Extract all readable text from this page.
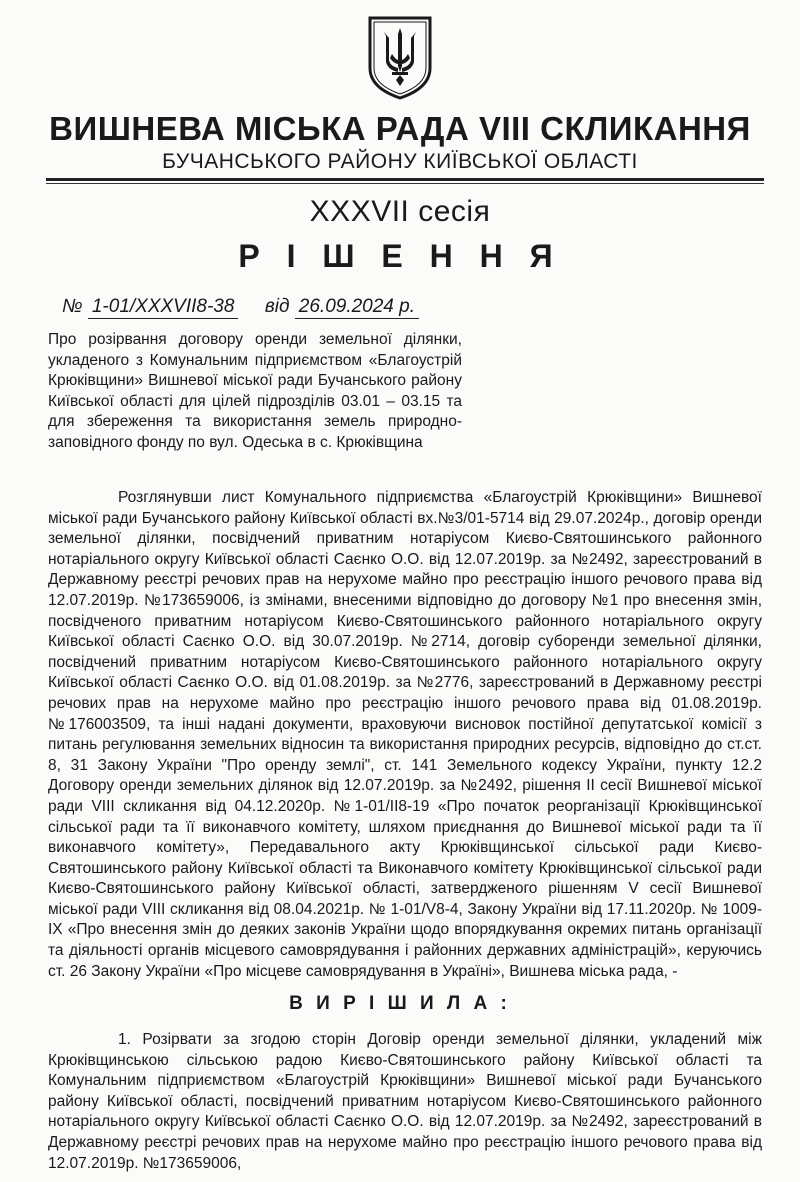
ВИШНЕВА МІСЬКА РАДА VIII СКЛИКАННЯ
БУЧАНСЬКОГО РАЙОНУ КИЇВСЬКОЇ ОБЛАСТІ
XXXVII сесія
Р І Ш Е Н Н Я
№ 1-01/XXXVII8-38 від 26.09.2024 р.
Про розірвання договору оренди земельної ділянки, укладеного з Комунальним підприємством «Благоустрій Крюківщини» Вишневої міської ради Бучанського району Київської області для цілей підрозділів 03.01 – 03.15 та для збереження та використання земель природно-заповідного фонду по вул. Одеська в с. Крюківщина

Розглянувши лист Комунального підприємства «Благоустрій Крюківщини» Вишневої міської ради Бучанського району Київської області вх.№3/01-5714 від 29.07.2024р., договір оренди земельної ділянки, посвідчений приватним нотаріусом Києво-Святошинського районного нотаріального округу Київської області Саєнко О.О. від 12.07.2019р. за №2492, зареєстрований в Державному реєстрі речових прав на нерухоме майно про реєстрацію іншого речового права від 12.07.2019р. №173659006, із змінами, внесеними відповідно до договору №1 про внесення змін, посвідченого приватним нотаріусом Києво-Святошинського районного нотаріального округу Київської області Саєнко О.О. від 30.07.2019р. №2714, договір суборенди земельної ділянки, посвідчений приватним нотаріусом Києво-Святошинського районного нотаріального округу Київської області Саєнко О.О. від 01.08.2019р. за №2776, зареєстрований в Державному реєстрі речових прав на нерухоме майно про реєстрацію іншого речового права від 01.08.2019р. №176003509, та інші надані документи, враховуючи висновок постійної депутатської комісії з питань регулювання земельних відносин та використання природних ресурсів, відповідно до ст.ст. 8, 31 Закону України "Про оренду землі", ст. 141 Земельного кодексу України, пункту 12.2 Договору оренди земельних ділянок від 12.07.2019р. за №2492, рішення ІІ сесії Вишневої міської ради VIII скликання від 04.12.2020р. №1-01/ІІ8-19 «Про початок реорганізації Крюківщинської сільської ради та її виконавчого комітету, шляхом приєднання до Вишневої міської ради та її виконавчого комітету», Передавального акту Крюківщинської сільської ради Києво-Святошинського району Київської області та Виконавчого комітету Крюківщинської сільської ради Києво-Святошинського району Київської області, затвердженого рішенням V сесії Вишневої міської ради VIII скликання від 08.04.2021р. № 1-01/V8-4, Закону України від 17.11.2020р. № 1009-IX «Про внесення змін до деяких законів України щодо впорядкування окремих питань організації та діяльності органів місцевого самоврядування і районних державних адміністрацій», керуючись ст. 26 Закону України «Про місцеве самоврядування в Україні», Вишнева міська рада, -

В И Р І Ш И Л А :

1. Розірвати за згодою сторін Договір оренди земельної ділянки, укладений між Крюківщинською сільською радою Києво-Святошинського району Київської області та Комунальним підприємством «Благоустрій Крюківщини» Вишневої міської ради Бучанського району Київської області, посвідчений приватним нотаріусом Києво-Святошинського районного нотаріального округу Київської області Саєнко О.О. від 12.07.2019р. за №2492, зареєстрований в Державному реєстрі речових прав на нерухоме майно про реєстрацію іншого речового права від 12.07.2019р. №173659006,
